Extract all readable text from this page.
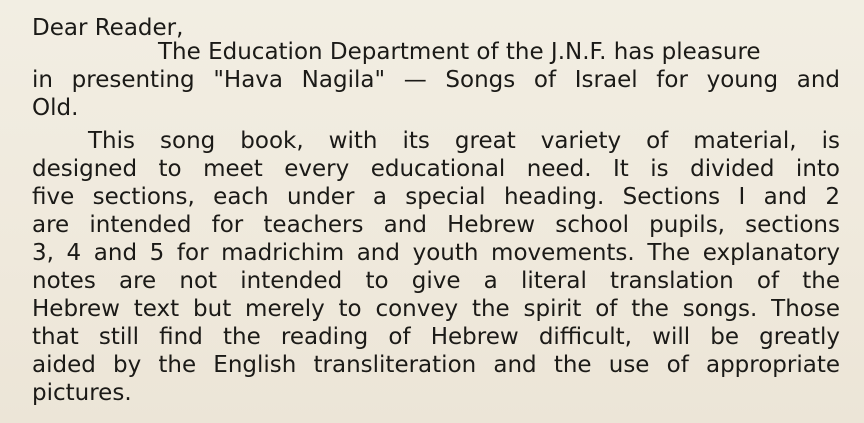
Dear Reader,
The Education Department of the J.N.F. has pleasure
in presenting "Hava Nagila" — Songs of Israel for young and
Old.
This song book, with its great variety of material, is
designed to meet every educational need. It is divided into
five sections, each under a special heading. Sections I and 2
are intended for teachers and Hebrew school pupils, sections
3, 4 and 5 for madrichim and youth movements. The explanatory
notes are not intended to give a literal translation of the
Hebrew text but merely to convey the spirit of the songs. Those
that still find the reading of Hebrew difficult, will be greatly
aided by the English transliteration and the use of appropriate
pictures.
